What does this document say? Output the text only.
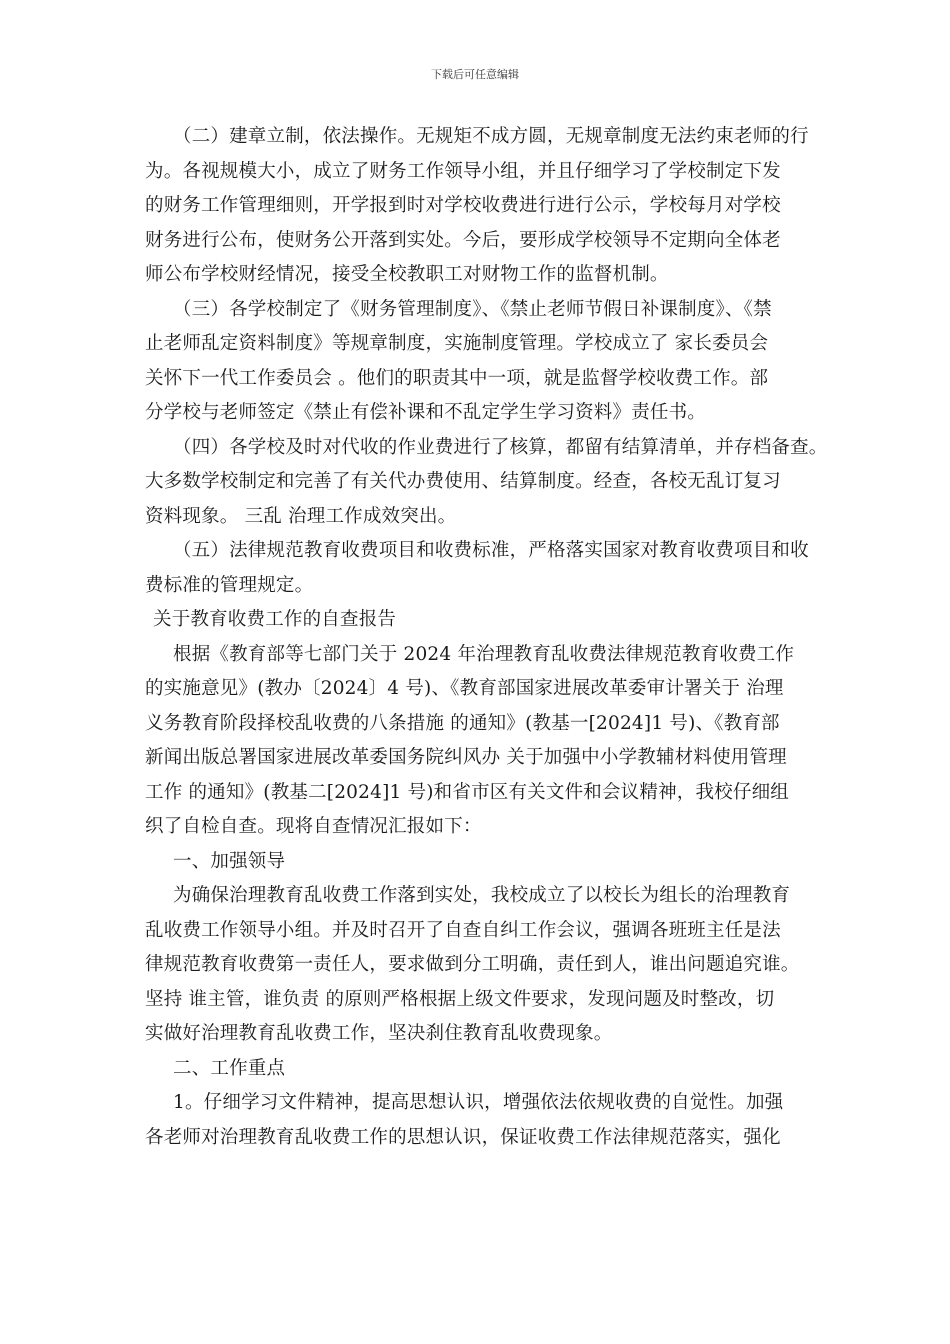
下载后可任意编辑
（二）建章立制，依法操作。无规矩不成方圆，无规章制度无法约束老师的行
为。各视规模大小，成立了财务工作领导小组，并且仔细学习了学校制定下发
的财务工作管理细则，开学报到时对学校收费进行进行公示，学校每月对学校
财务进行公布，使财务公开落到实处。今后，要形成学校领导不定期向全体老
师公布学校财经情况，接受全校教职工对财物工作的监督机制。
（三）各学校制定了《财务管理制度》、《禁止老师节假日补课制度》、《禁
止老师乱定资料制度》等规章制度，实施制度管理。学校成立了 家长委员会
关怀下一代工作委员会 。他们的职责其中一项，就是监督学校收费工作。部
分学校与老师签定《禁止有偿补课和不乱定学生学习资料》责任书。
（四）各学校及时对代收的作业费进行了核算，都留有结算清单，并存档备查。
大多数学校制定和完善了有关代办费使用、结算制度。经查，各校无乱订复习
资料现象。 三乱 治理工作成效突出。
（五）法律规范教育收费项目和收费标准，严格落实国家对教育收费项目和收
费标准的管理规定。
关于教育收费工作的自查报告
根据《教育部等七部门关于 2024 年治理教育乱收费法律规范教育收费工作
的实施意见》(教办〔2024〕4 号)、《教育部国家进展改革委审计署关于 治理
义务教育阶段择校乱收费的八条措施 的通知》(教基一[2024]1 号)、《教育部
新闻出版总署国家进展改革委国务院纠风办 关于加强中小学教辅材料使用管理
工作 的通知》(教基二[2024]1 号)和省市区有关文件和会议精神，我校仔细组
织了自检自查。现将自查情况汇报如下：
一、加强领导
为确保治理教育乱收费工作落到实处，我校成立了以校长为组长的治理教育
乱收费工作领导小组。并及时召开了自查自纠工作会议，强调各班班主任是法
律规范教育收费第一责任人，要求做到分工明确，责任到人，谁出问题追究谁。
坚持 谁主管，谁负责 的原则严格根据上级文件要求，发现问题及时整改，切
实做好治理教育乱收费工作，坚决刹住教育乱收费现象。
二、工作重点
1。仔细学习文件精神，提高思想认识，增强依法依规收费的自觉性。加强
各老师对治理教育乱收费工作的思想认识，保证收费工作法律规范落实，强化
